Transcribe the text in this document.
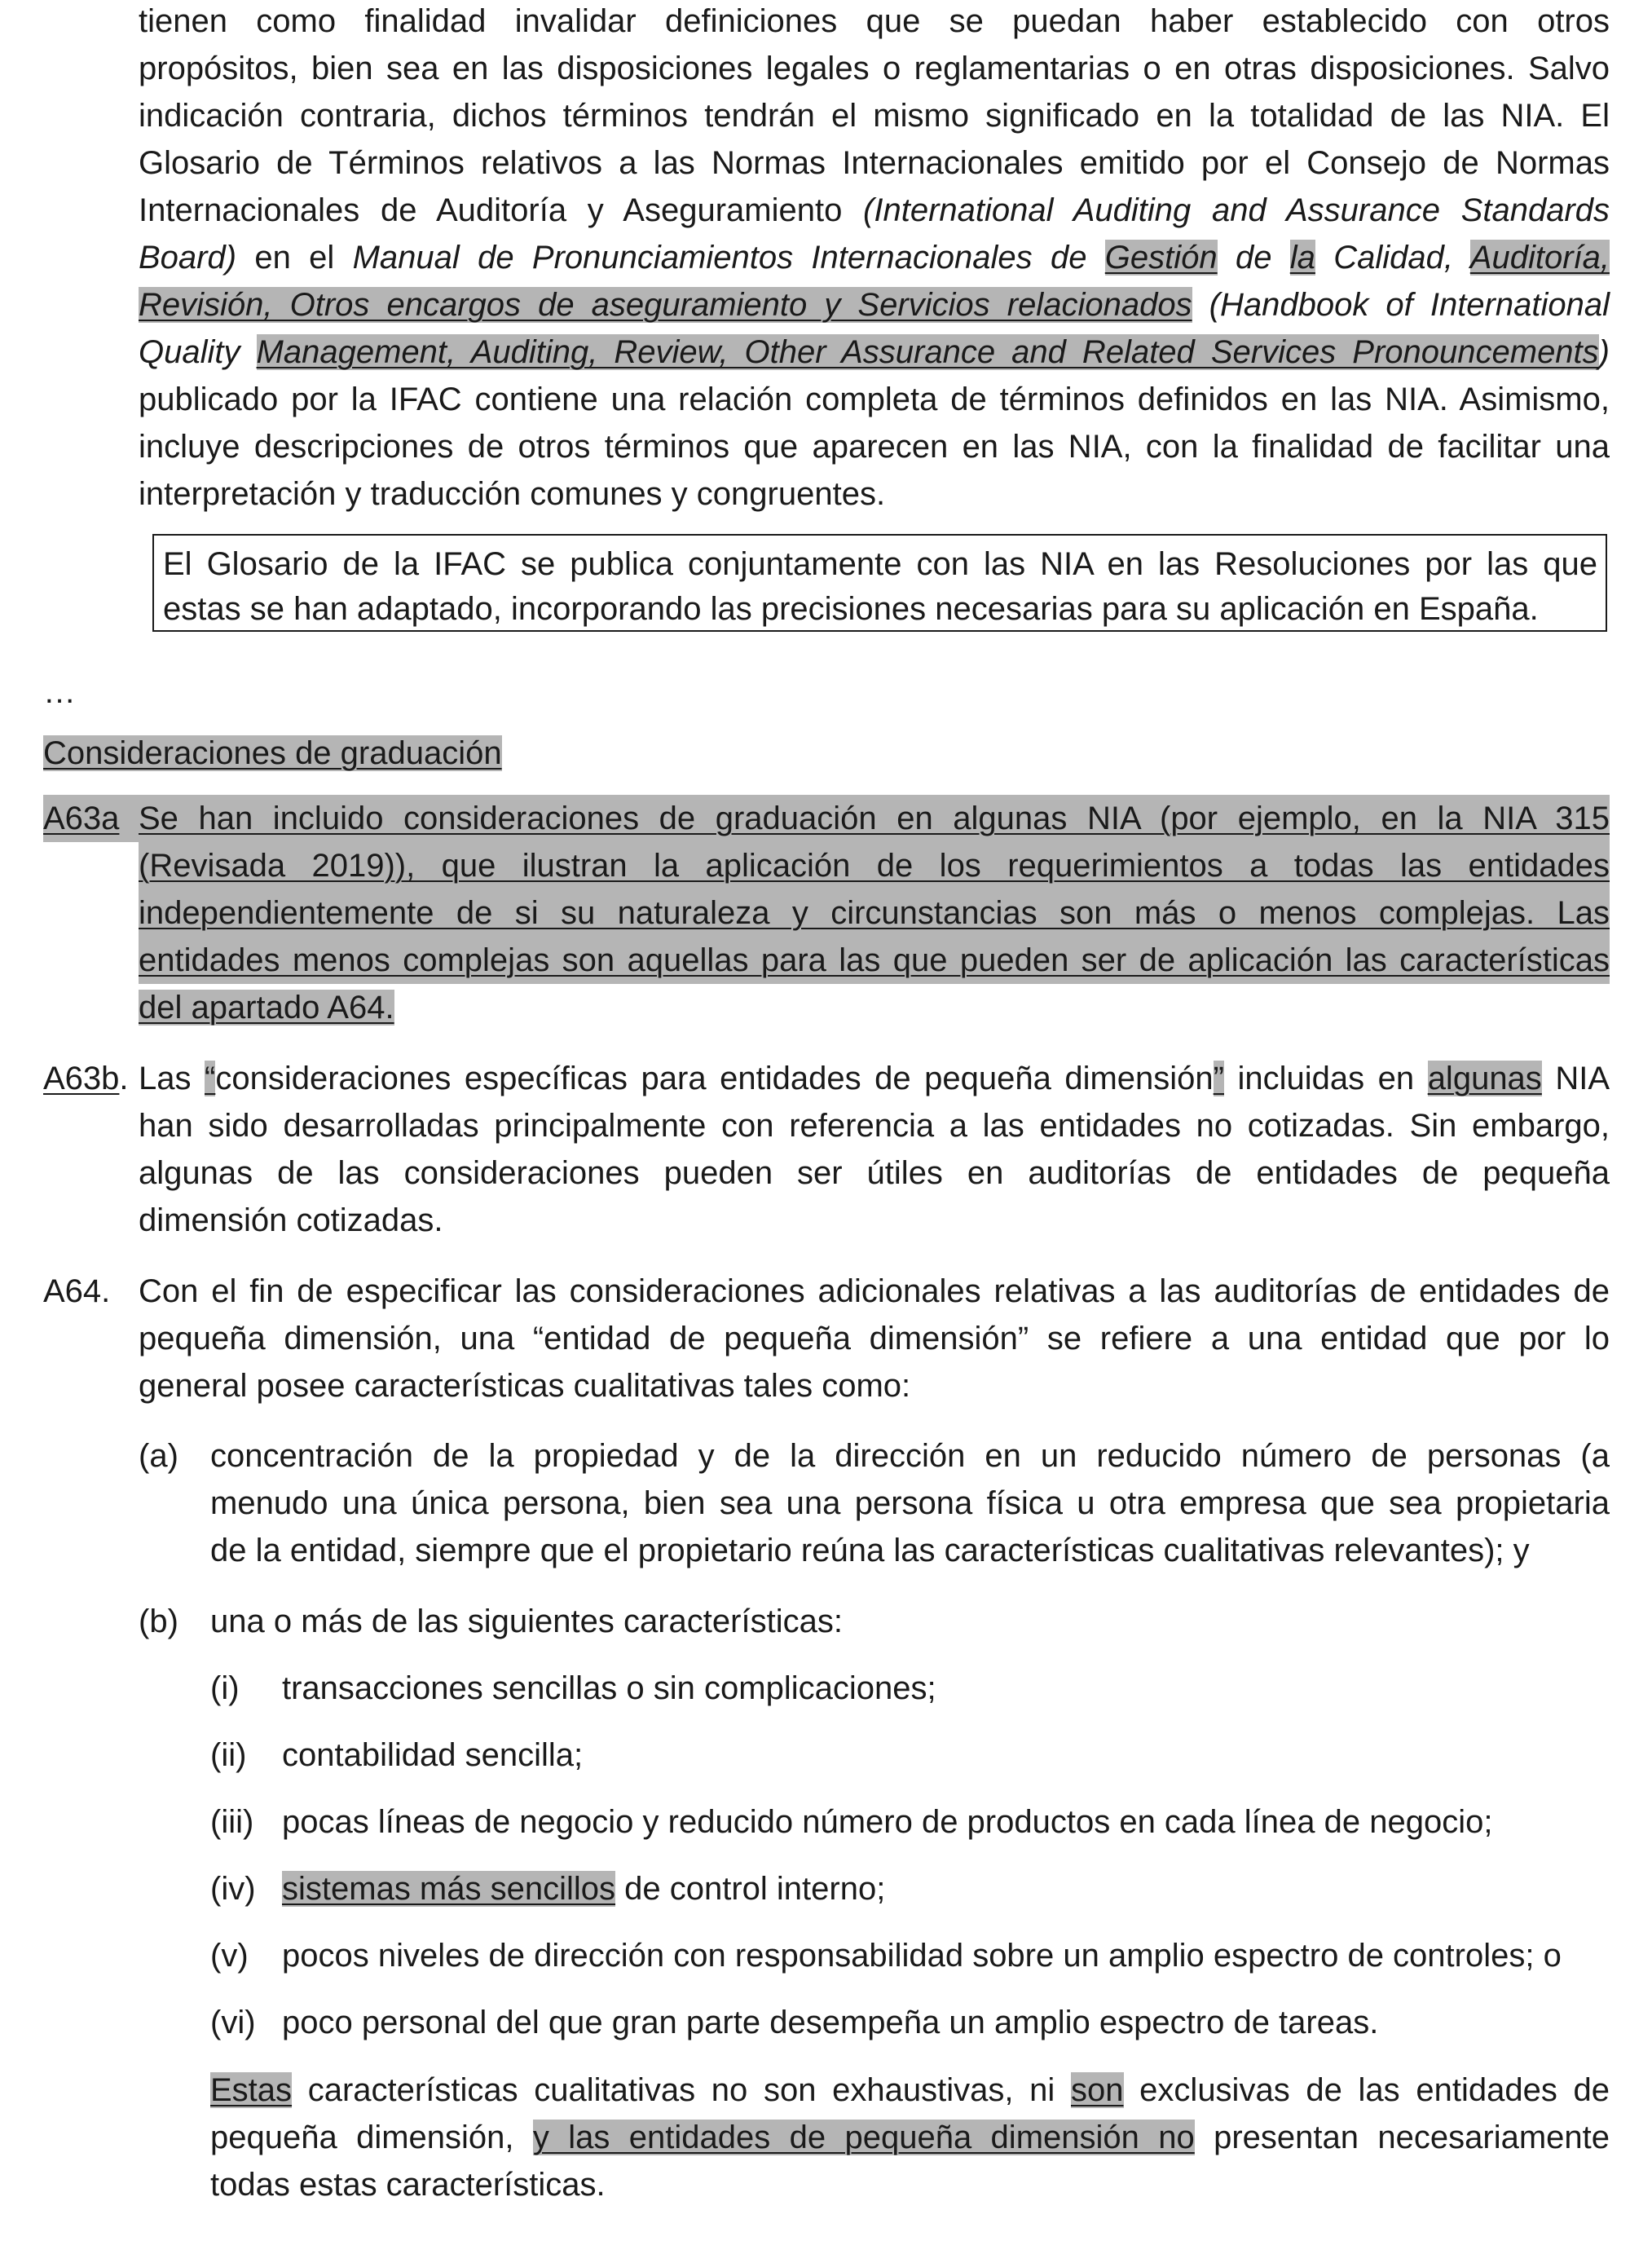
tienen como finalidad invalidar definiciones que se puedan haber establecido con otros
propósitos, bien sea en las disposiciones legales o reglamentarias o en otras disposiciones. Salvo
indicación contraria, dichos términos tendrán el mismo significado en la totalidad de las NIA. El
Glosario de Términos relativos a las Normas Internacionales emitido por el Consejo de Normas
Internacionales de Auditoría y Aseguramiento (International Auditing and Assurance Standards
Board) en el Manual de Pronunciamientos Internacionales de Gestión de la Calidad, Auditoría,
Revisión, Otros encargos de aseguramiento y Servicios relacionados (Handbook of International
Quality Management, Auditing, Review, Other Assurance and Related Services Pronouncements)
publicado por la IFAC contiene una relación completa de términos definidos en las NIA. Asimismo,
incluye descripciones de otros términos que aparecen en las NIA, con la finalidad de facilitar una
interpretación y traducción comunes y congruentes.
El Glosario de la IFAC se publica conjuntamente con las NIA en las Resoluciones por las que
estas se han adaptado, incorporando las precisiones necesarias para su aplicación en España.
…
Consideraciones de graduación
A63a Se han incluido consideraciones de graduación en algunas NIA (por ejemplo, en la NIA 315
(Revisada 2019)), que ilustran la aplicación de los requerimientos a todas las entidades
independientemente de si su naturaleza y circunstancias son más o menos complejas. Las
entidades menos complejas son aquellas para las que pueden ser de aplicación las características
del apartado A64.
A63b. Las “consideraciones específicas para entidades de pequeña dimensión” incluidas en algunas NIA
han sido desarrolladas principalmente con referencia a las entidades no cotizadas. Sin embargo,
algunas de las consideraciones pueden ser útiles en auditorías de entidades de pequeña
dimensión cotizadas.
A64. Con el fin de especificar las consideraciones adicionales relativas a las auditorías de entidades de
pequeña dimensión, una “entidad de pequeña dimensión” se refiere a una entidad que por lo
general posee características cualitativas tales como:
(a) concentración de la propiedad y de la dirección en un reducido número de personas (a
menudo una única persona, bien sea una persona física u otra empresa que sea propietaria
de la entidad, siempre que el propietario reúna las características cualitativas relevantes); y
(b) una o más de las siguientes características:
(i) transacciones sencillas o sin complicaciones;
(ii) contabilidad sencilla;
(iii) pocas líneas de negocio y reducido número de productos en cada línea de negocio;
(iv) sistemas más sencillos de control interno;
(v) pocos niveles de dirección con responsabilidad sobre un amplio espectro de controles; o
(vi) poco personal del que gran parte desempeña un amplio espectro de tareas.
Estas características cualitativas no son exhaustivas, ni son exclusivas de las entidades de
pequeña dimensión, y las entidades de pequeña dimensión no presentan necesariamente
todas estas características.
